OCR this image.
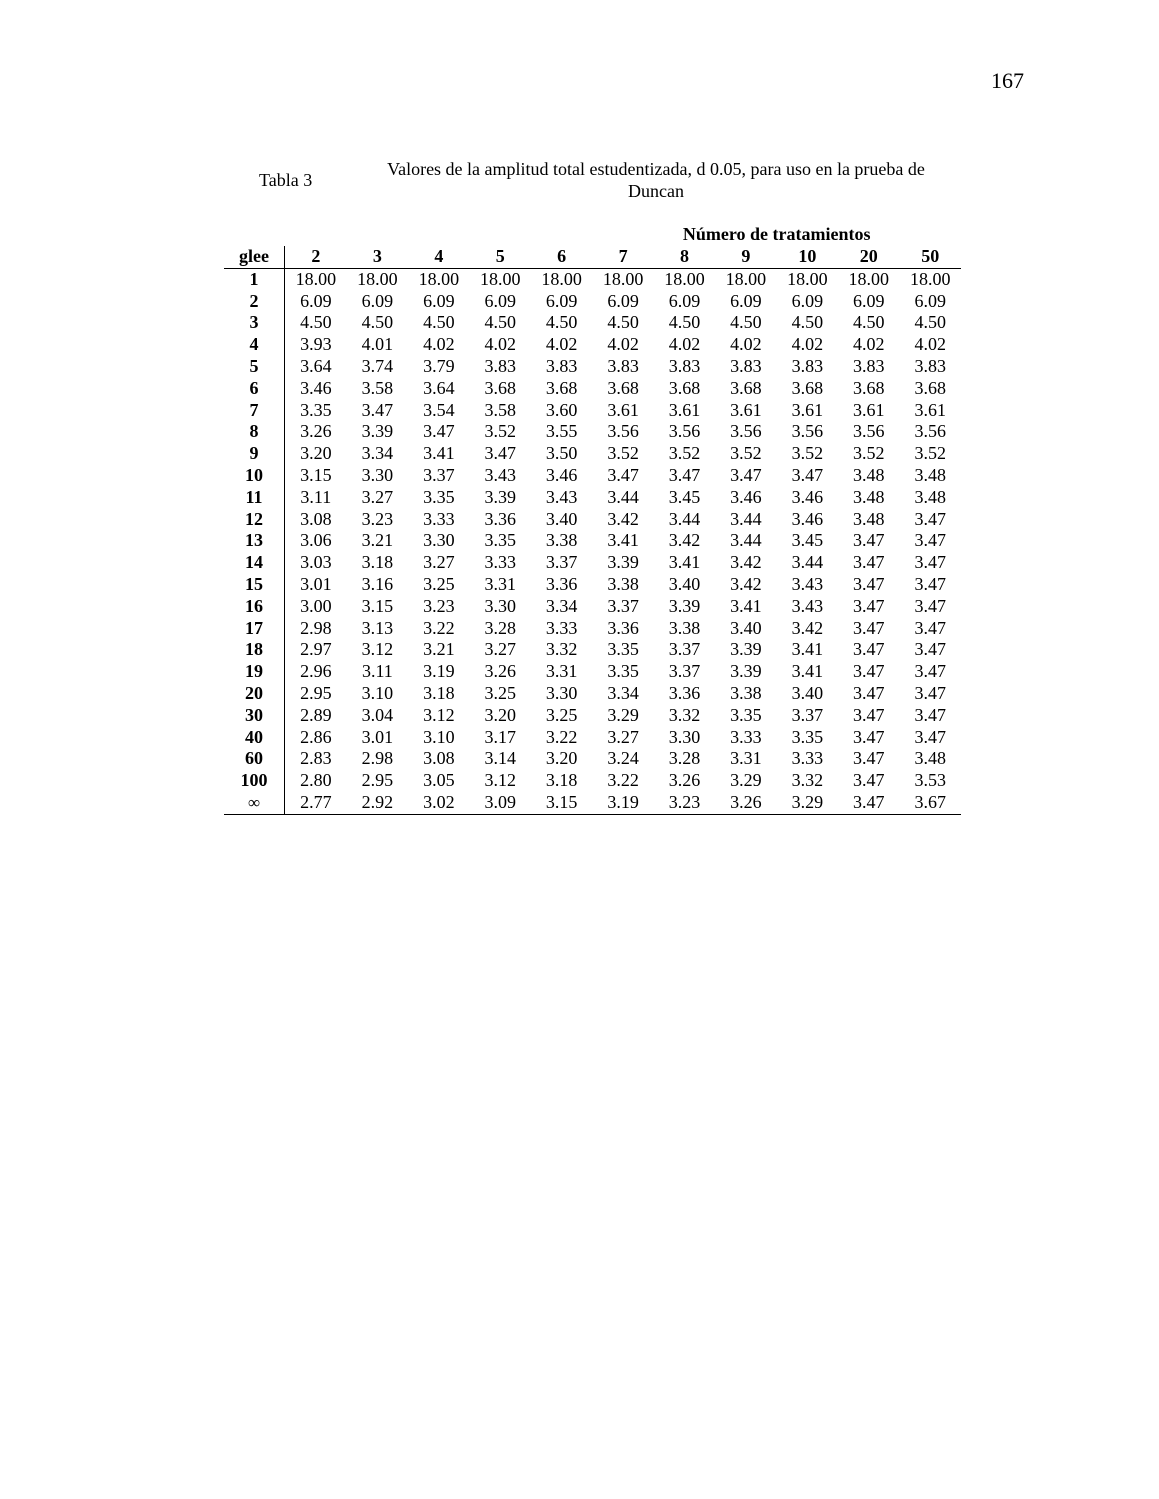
167
Tabla 3
Valores de la amplitud total estudentizada, d 0.05, para uso en la prueba de Duncan
						Número de tratamientos					
glee	2	3	4	5	6	7	8	9	10	20	50
1	18.00	18.00	18.00	18.00	18.00	18.00	18.00	18.00	18.00	18.00	18.00
2	6.09	6.09	6.09	6.09	6.09	6.09	6.09	6.09	6.09	6.09	6.09
3	4.50	4.50	4.50	4.50	4.50	4.50	4.50	4.50	4.50	4.50	4.50
4	3.93	4.01	4.02	4.02	4.02	4.02	4.02	4.02	4.02	4.02	4.02
5	3.64	3.74	3.79	3.83	3.83	3.83	3.83	3.83	3.83	3.83	3.83
6	3.46	3.58	3.64	3.68	3.68	3.68	3.68	3.68	3.68	3.68	3.68
7	3.35	3.47	3.54	3.58	3.60	3.61	3.61	3.61	3.61	3.61	3.61
8	3.26	3.39	3.47	3.52	3.55	3.56	3.56	3.56	3.56	3.56	3.56
9	3.20	3.34	3.41	3.47	3.50	3.52	3.52	3.52	3.52	3.52	3.52
10	3.15	3.30	3.37	3.43	3.46	3.47	3.47	3.47	3.47	3.48	3.48
11	3.11	3.27	3.35	3.39	3.43	3.44	3.45	3.46	3.46	3.48	3.48
12	3.08	3.23	3.33	3.36	3.40	3.42	3.44	3.44	3.46	3.48	3.47
13	3.06	3.21	3.30	3.35	3.38	3.41	3.42	3.44	3.45	3.47	3.47
14	3.03	3.18	3.27	3.33	3.37	3.39	3.41	3.42	3.44	3.47	3.47
15	3.01	3.16	3.25	3.31	3.36	3.38	3.40	3.42	3.43	3.47	3.47
16	3.00	3.15	3.23	3.30	3.34	3.37	3.39	3.41	3.43	3.47	3.47
17	2.98	3.13	3.22	3.28	3.33	3.36	3.38	3.40	3.42	3.47	3.47
18	2.97	3.12	3.21	3.27	3.32	3.35	3.37	3.39	3.41	3.47	3.47
19	2.96	3.11	3.19	3.26	3.31	3.35	3.37	3.39	3.41	3.47	3.47
20	2.95	3.10	3.18	3.25	3.30	3.34	3.36	3.38	3.40	3.47	3.47
30	2.89	3.04	3.12	3.20	3.25	3.29	3.32	3.35	3.37	3.47	3.47
40	2.86	3.01	3.10	3.17	3.22	3.27	3.30	3.33	3.35	3.47	3.47
60	2.83	2.98	3.08	3.14	3.20	3.24	3.28	3.31	3.33	3.47	3.48
100	2.80	2.95	3.05	3.12	3.18	3.22	3.26	3.29	3.32	3.47	3.53
∞	2.77	2.92	3.02	3.09	3.15	3.19	3.23	3.26	3.29	3.47	3.67
